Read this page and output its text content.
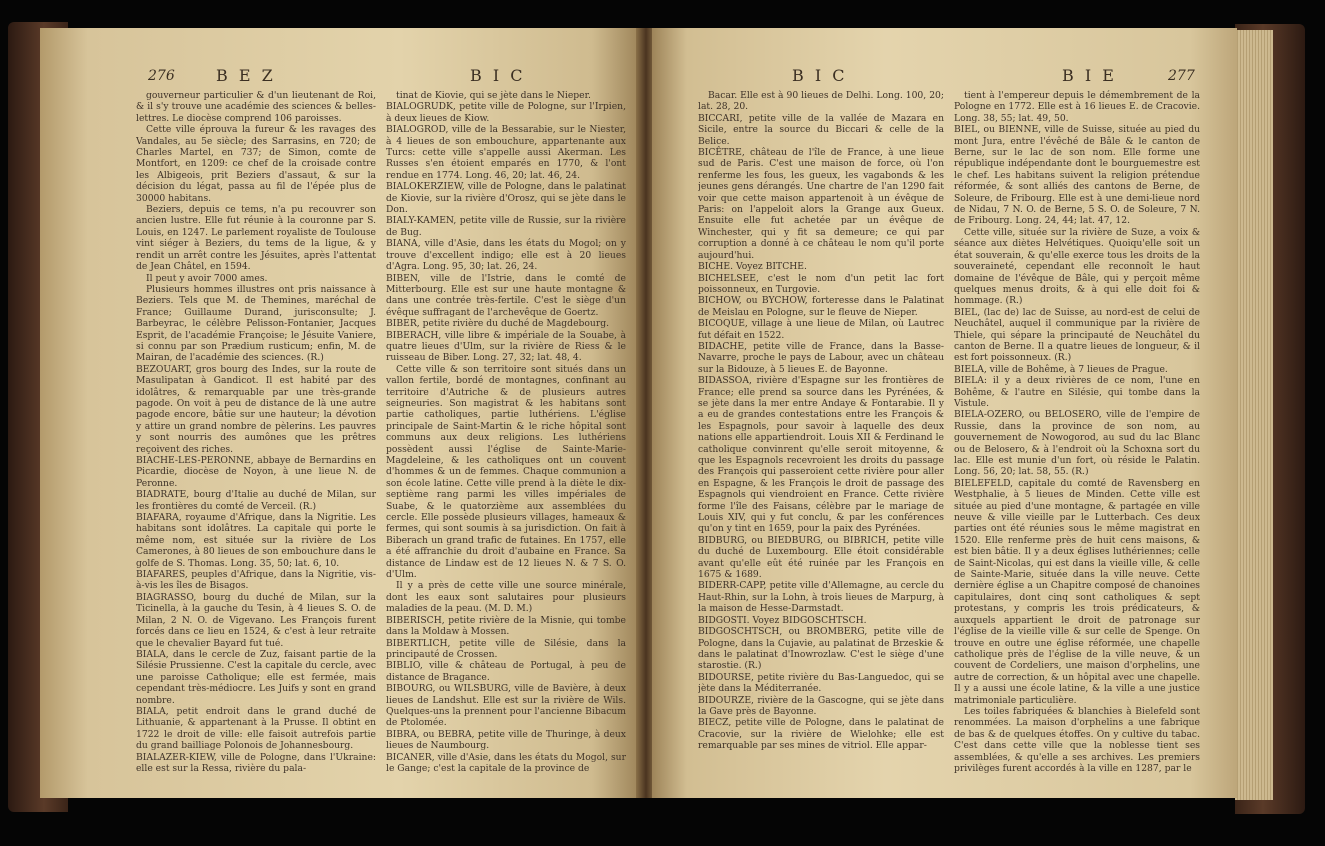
276	B E Z	B I C

gouverneur particulier & d'un lieutenant de Roi, & il s'y trouve une académie des sciences & belles-lettres. Le diocèse comprend 106 paroisses.

Cette ville éprouva la fureur & les ravages des Vandales, au 5e siècle; des Sarrasins, en 720; de Charles Martel, en 737; de Simon, comte de Montfort, en 1209: ce chef de la croisade contre les Albigeois, prit Beziers d'assaut, & sur la décision du légat, passa au fil de l'épée plus de 30000 habitans.

Beziers, depuis ce tems, n'a pu recouvrer son ancien lustre. Elle fut réunie à la couronne par S. Louis, en 1247. Le parlement royaliste de Toulouse vint siéger à Beziers, du tems de la ligue, & y rendit un arrêt contre les Jésuites, après l'attentat de Jean Châtel, en 1594.

Il peut y avoir 7000 ames.

Plusieurs hommes illustres ont pris naissance à Beziers. Tels que M. de Themines, maréchal de France; Guillaume Durand, jurisconsulte; J. Barbeyrac, le célèbre Pelisson-Fontanier, Jacques Esprit, de l'académie Françoise; le Jésuite Vaniere, si connu par son Prædium rusticum; enfin, M. de Mairan, de l'académie des sciences. (R.)

BEZOUART, gros bourg des Indes, sur la route de Masulipatan à Gandicot. Il est habité par des idolâtres, & remarquable par une très-grande pagode. On voit à peu de distance de là une autre pagode encore, bâtie sur une hauteur; la dévotion y attire un grand nombre de pèlerins. Les pauvres y sont nourris des aumônes que les prêtres reçoivent des riches.

BIACHE-LES-PERONNE, abbaye de Bernardins en Picardie, diocèse de Noyon, à une lieue N. de Peronne.

BIADRATE, bourg d'Italie au duché de Milan, sur les frontières du comté de Verceil. (R.)

BIAFARA, royaume d'Afrique, dans la Nigritie. Les habitans sont idolâtres. La capitale qui porte le même nom, est située sur la rivière de Los Camerones, à 80 lieues de son embouchure dans le golfe de S. Thomas. Long. 35, 50; lat. 6, 10.

BIAFARES, peuples d'Afrique, dans la Nigritie, vis-à-vis les îles de Bisagos.

BIAGRASSO, bourg du duché de Milan, sur la Ticinella, à la gauche du Tesin, à 4 lieues S. O. de Milan, 2 N. O. de Vigevano. Les François furent forcés dans ce lieu en 1524, & c'est à leur retraite que le chevalier Bayard fut tué.

BIALA, dans le cercle de Zuz, faisant partie de la Silésie Prussienne. C'est la capitale du cercle, avec une paroisse Catholique; elle est fermée, mais cependant très-médiocre. Les Juifs y sont en grand nombre.

BIALA, petit endroit dans le grand duché de Lithuanie, & appartenant à la Prusse. Il obtint en 1722 le droit de ville: elle faisoit autrefois partie du grand bailliage Polonois de Johannesbourg.

BIALAZER-KIEW, ville de Pologne, dans l'Ukraine: elle est sur la Ressa, rivière du pala-

tinat de Kiovie, qui se jète dans le Nieper.

BIALOGRUDK, petite ville de Pologne, sur l'Irpien, à deux lieues de Kiow.

BIALOGROD, ville de la Bessarabie, sur le Niester, à 4 lieues de son embouchure, appartenante aux Turcs: cette ville s'appelle aussi Akerman. Les Russes s'en étoient emparés en 1770, & l'ont rendue en 1774. Long. 46, 20; lat. 46, 24.

BIALOKERZIEW, ville de Pologne, dans le palatinat de Kiovie, sur la rivière d'Orosz, qui se jète dans le Don.

BIALY-KAMEN, petite ville de Russie, sur la rivière de Bug.

BIANA, ville d'Asie, dans les états du Mogol; on y trouve d'excellent indigo; elle est à 20 lieues d'Agra. Long. 95, 30; lat. 26, 24.

BIBEN, ville de l'Istrie, dans le comté de Mitterbourg. Elle est sur une haute montagne & dans une contrée très-fertile. C'est le siège d'un évêque suffragant de l'archevêque de Goertz.

BIBER, petite rivière du duché de Magdebourg.

BIBERACH, ville libre & impériale de la Souabe, à quatre lieues d'Ulm, sur la rivière de Riess & le ruisseau de Biber. Long. 27, 32; lat. 48, 4.

Cette ville & son territoire sont situés dans un vallon fertile, bordé de montagnes, confinant au territoire d'Autriche & de plusieurs autres seigneuries. Son magistrat & les habitans sont partie catholiques, partie luthériens. L'église principale de Saint-Martin & le riche hôpital sont communs aux deux religions. Les luthériens possèdent aussi l'église de Sainte-Marie-Magdeleine, & les catholiques ont un couvent d'hommes & un de femmes. Chaque communion a son école latine. Cette ville prend à la diète le dix-septième rang parmi les villes impériales de Suabe, & le quatorzième aux assemblées du cercle. Elle possède plusieurs villages, hameaux & fermes, qui sont soumis à sa jurisdiction. On fait à Biberach un grand trafic de futaines. En 1757, elle a été affranchie du droit d'aubaine en France. Sa distance de Lindaw est de 12 lieues N. & 7 S. O. d'Ulm.

Il y a près de cette ville une source minérale, dont les eaux sont salutaires pour plusieurs maladies de la peau. (M. D. M.)

BIBERISCH, petite rivière de la Misnie, qui tombe dans la Moldaw à Mossen.

BIBERTLICH, petite ville de Silésie, dans la principauté de Crossen.

BIBLIO, ville & château de Portugal, à peu de distance de Bragance.

BIBOURG, ou WILSBURG, ville de Bavière, à deux lieues de Landshut. Elle est sur la rivière de Wils. Quelques-uns la prennent pour l'ancienne Bibacum de Ptolomée.

BIBRA, ou BEBRA, petite ville de Thuringe, à deux lieues de Naumbourg.

BICANER, ville d'Asie, dans les états du Mogol, sur le Gange; c'est la capitale de la province de

B I C	B I E	277

Bacar. Elle est à 90 lieues de Delhi. Long. 100, 20; lat. 28, 20.

BICCARI, petite ville de la vallée de Mazara en Sicile, entre la source du Biccari & celle de la Belice.

BICÊTRE, château de l'île de France, à une lieue sud de Paris. C'est une maison de force, où l'on renferme les fous, les gueux, les vagabonds & les jeunes gens dérangés. Une chartre de l'an 1290 fait voir que cette maison appartenoit à un évêque de Paris: on l'appeloit alors la Grange aux Gueux. Ensuite elle fut achetée par un évêque de Winchester, qui y fit sa demeure; ce qui par corruption a donné à ce château le nom qu'il porte aujourd'hui.

BICHE. Voyez BITCHE.

BICHELSEE, c'est le nom d'un petit lac fort poissonneux, en Turgovie.

BICHOW, ou BYCHOW, forteresse dans le Palatinat de Meislau en Pologne, sur le fleuve de Nieper.

BICOQUE, village à une lieue de Milan, où Lautrec fut défait en 1522.

BIDACHE, petite ville de France, dans la Basse-Navarre, proche le pays de Labour, avec un château sur la Bidouze, à 5 lieues E. de Bayonne.

BIDASSOA, rivière d'Espagne sur les frontières de France; elle prend sa source dans les Pyrénées, & se jète dans la mer entre Andaye & Fontarabie. Il y a eu de grandes contestations entre les François & les Espagnols, pour savoir à laquelle des deux nations elle appartiendroit. Louis XII & Ferdinand le catholique convinrent qu'elle seroit mitoyenne, & que les Espagnols recevroient les droits du passage des François qui passeroient cette rivière pour aller en Espagne, & les François le droit de passage des Espagnols qui viendroient en France. Cette rivière forme l'île des Faisans, célèbre par le mariage de Louis XIV, qui y fut conclu, & par les conférences qu'on y tint en 1659, pour la paix des Pyrénées.

BIDBURG, ou BIEDBURG, ou BIBRICH, petite ville du duché de Luxembourg. Elle étoit considérable avant qu'elle eût été ruinée par les François en 1675 & 1689.

BIDERR-CAPP, petite ville d'Allemagne, au cercle du Haut-Rhin, sur la Lohn, à trois lieues de Marpurg, à la maison de Hesse-Darmstadt.

BIDGOSTI. Voyez BIDGOSCHTSCH.

BIDGOSCHTSCH, ou BROMBERG, petite ville de Pologne, dans la Cujavie, au palatinat de Brzeskie & dans le palatinat d'Inowrozlaw. C'est le siège d'une starostie. (R.)

BIDOURSE, petite rivière du Bas-Languedoc, qui se jète dans la Méditerranée.

BIDOURZE, rivière de la Gascogne, qui se jète dans la Gave près de Bayonne.

BIECZ, petite ville de Pologne, dans le palatinat de Cracovie, sur la rivière de Wielohke; elle est remarquable par ses mines de vitriol. Elle appar-

tient à l'empereur depuis le démembrement de la Pologne en 1772. Elle est à 16 lieues E. de Cracovie. Long. 38, 55; lat. 49, 50.

BIEL, ou BIENNE, ville de Suisse, située au pied du mont Jura, entre l'évêché de Bâle & le canton de Berne, sur le lac de son nom. Elle forme une république indépendante dont le bourguemestre est le chef. Les habitans suivent la religion prétendue réformée, & sont alliés des cantons de Berne, de Soleure, de Fribourg. Elle est à une demi-lieue nord de Nidau, 7 N. O. de Berne, 5 S. O. de Soleure, 7 N. de Fribourg. Long. 24, 44; lat. 47, 12.

Cette ville, située sur la rivière de Suze, a voix & séance aux diètes Helvétiques. Quoiqu'elle soit un état souverain, & qu'elle exerce tous les droits de la souveraineté, cependant elle reconnoît le haut domaine de l'évêque de Bâle, qui y perçoit même quelques menus droits, & à qui elle doit foi & hommage. (R.)

BIEL, (lac de) lac de Suisse, au nord-est de celui de Neuchâtel, auquel il communique par la rivière de Thiele, qui sépare la principauté de Neuchâtel du canton de Berne. Il a quatre lieues de longueur, & il est fort poissonneux. (R.)

BIELA, ville de Bohême, à 7 lieues de Prague.

BIELA: il y a deux rivières de ce nom, l'une en Bohême, & l'autre en Silésie, qui tombe dans la Vistule.

BIELA-OZERO, ou BELOSERO, ville de l'empire de Russie, dans la province de son nom, au gouvernement de Nowogorod, au sud du lac Blanc ou de Belosero, & à l'endroit où la Schoxna sort du lac. Elle est munie d'un fort, où réside le Palatin. Long. 56, 20; lat. 58, 55. (R.)

BIELEFELD, capitale du comté de Ravensberg en Westphalie, à 5 lieues de Minden. Cette ville est située au pied d'une montagne, & partagée en ville neuve & ville vieille par le Lutterbach. Ces deux parties ont été réunies sous le même magistrat en 1520. Elle renferme près de huit cens maisons, & est bien bâtie. Il y a deux églises luthériennes; celle de Saint-Nicolas, qui est dans la vieille ville, & celle de Sainte-Marie, située dans la ville neuve. Cette dernière église a un Chapitre composé de chanoines capitulaires, dont cinq sont catholiques & sept protestans, y compris les trois prédicateurs, & auxquels appartient le droit de patronage sur l'église de la vieille ville & sur celle de Spenge. On trouve en outre une église réformée, une chapelle catholique près de l'église de la ville neuve, & un couvent de Cordeliers, une maison d'orphelins, une autre de correction, & un hôpital avec une chapelle. Il y a aussi une école latine, & la ville a une justice matrimoniale particulière.

Les toiles fabriquées & blanchies à Bielefeld sont renommées. La maison d'orphelins a une fabrique de bas & de quelques étoffes. On y cultive du tabac. C'est dans cette ville que la noblesse tient ses assemblées, & qu'elle a ses archives. Les premiers privilèges furent accordés à la ville en 1287, par le
